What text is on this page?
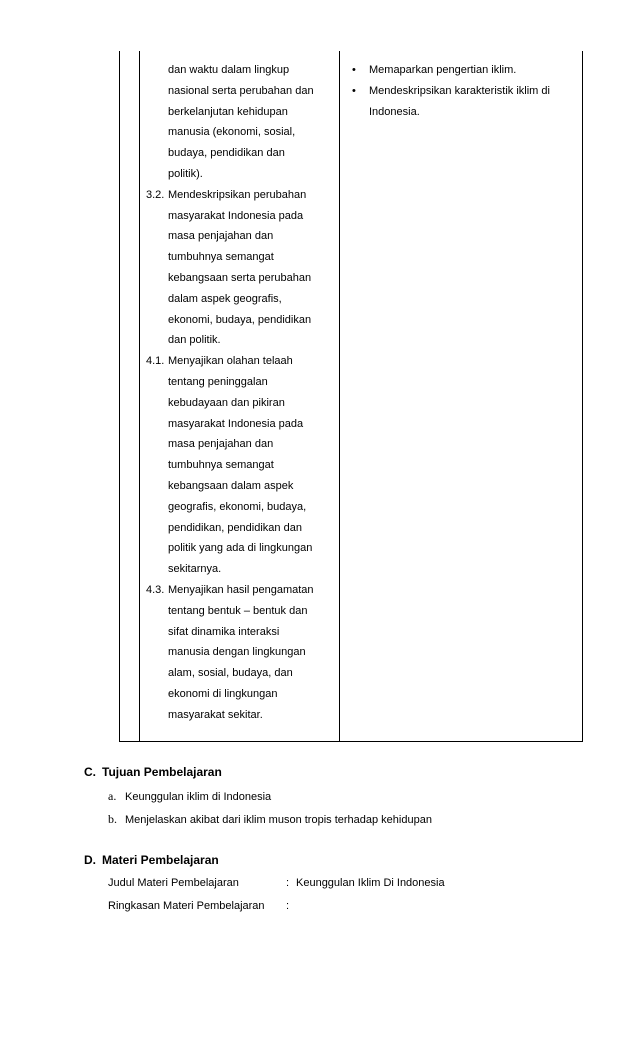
dan waktu dalam lingkup
nasional serta perubahan dan
berkelanjutan kehidupan
manusia (ekonomi, sosial,
budaya, pendidikan dan
politik).
3.2. Mendeskripsikan perubahan
masyarakat Indonesia pada
masa penjajahan dan
tumbuhnya semangat
kebangsaan serta perubahan
dalam aspek geografis,
ekonomi, budaya, pendidikan
dan politik.
4.1. Menyajikan olahan telaah
tentang peninggalan
kebudayaan dan pikiran
masyarakat Indonesia pada
masa penjajahan dan
tumbuhnya semangat
kebangsaan dalam aspek
geografis, ekonomi, budaya,
pendidikan, pendidikan dan
politik yang ada di lingkungan
sekitarnya.
4.3. Menyajikan hasil pengamatan
tentang bentuk – bentuk dan
sifat dinamika interaksi
manusia dengan lingkungan
alam, sosial, budaya, dan
ekonomi di lingkungan
masyarakat sekitar.
• Memaparkan pengertian iklim.
• Mendeskripsikan karakteristik iklim di
Indonesia.
C. Tujuan Pembelajaran
a. Keunggulan iklim di Indonesia
b. Menjelaskan akibat dari iklim muson tropis terhadap kehidupan
D. Materi Pembelajaran
Judul Materi Pembelajaran	: Keunggulan Iklim Di Indonesia
Ringkasan Materi Pembelajaran :
